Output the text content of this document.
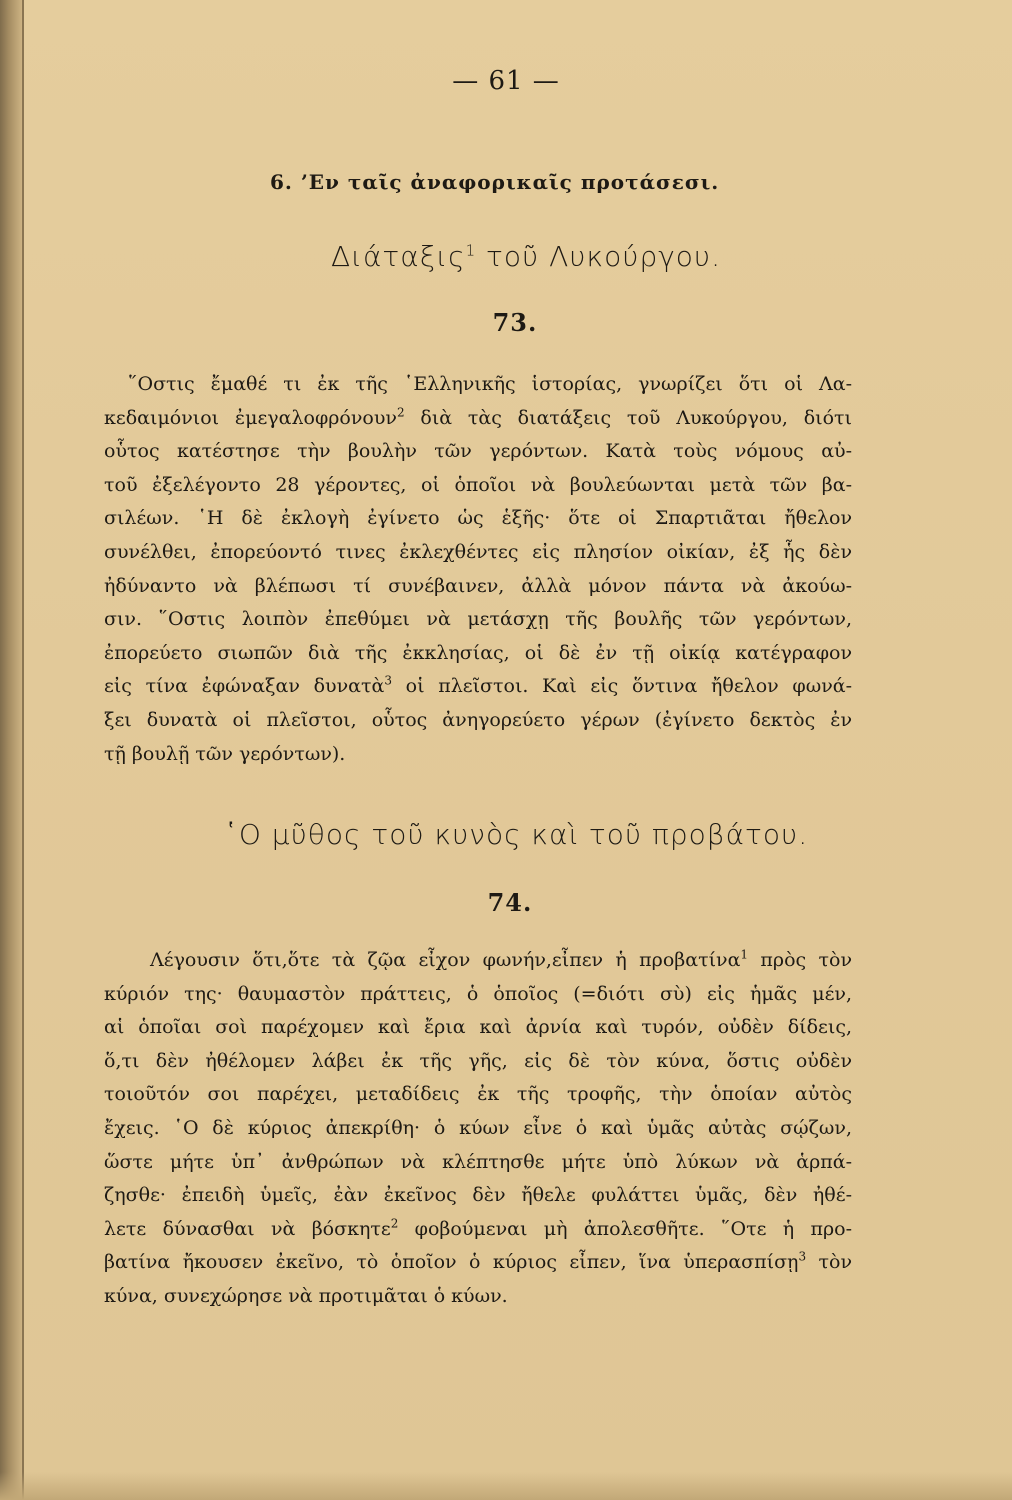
— 61 —
6. ’Εν ταῖς ἀναφορικαῖς προτάσεσι.
Διάταξις$^1$ τοῦ Λυκούργου.
73.
῞Οστις ἔμαθέ τι ἐκ τῆς ῾Ελληνικῆς ἱστορίας, γνωρίζει ὅτι οἱ Λα-
κεδαιμόνιοι ἐμεγαλοφρόνουν$^2$ διὰ τὰς διατάξεις τοῦ Λυκούργου, διότι
οὗτος κατέστησε τὴν βουλὴν τῶν γερόντων. Κατὰ τοὺς νόμους αὐ-
τοῦ ἐξελέγοντο 28 γέροντες, οἱ ὁποῖοι νὰ βουλεύωνται μετὰ τῶν βα-
σιλέων. ῾Η δὲ ἐκλογὴ ἐγίνετο ὡς ἑξῆς· ὅτε οἱ Σπαρτιᾶται ἤθελον
συνέλθει, ἐπορεύοντό τινες ἐκλεχθέντες εἰς πλησίον οἰκίαν, ἐξ ἧς δὲν
ἠδύναντο νὰ βλέπωσι τί συνέβαινεν, ἀλλὰ μόνον πάντα νὰ ἀκούω-
σιν. ῞Οστις λοιπὸν ἐπεθύμει νὰ μετάσχῃ τῆς βουλῆς τῶν γερόντων,
ἐπορεύετο σιωπῶν διὰ τῆς ἐκκλησίας, οἱ δὲ ἐν τῇ οἰκίᾳ κατέγραφον
εἰς τίνα ἐφώναξαν δυνατὰ$^3$ οἱ πλεῖστοι. Καὶ εἰς ὅντινα ἤθελον φωνά-
ξει δυνατὰ οἱ πλεῖστοι, οὗτος ἀνηγορεύετο γέρων (ἐγίνετο δεκτὸς ἐν
τῇ βουλῇ τῶν γερόντων).
῾Ο μῦθος τοῦ κυνὸς καὶ τοῦ προβάτου.
74.
Λέγουσιν ὅτι,ὅτε τὰ ζῷα εἶχον φωνήν,εἶπεν ἡ προβατίνα$^1$ πρὸς τὸν
κύριόν της· θαυμαστὸν πράττεις, ὁ ὁποῖος (=διότι σὺ) εἰς ἡμᾶς μέν,
αἱ ὁποῖαι σοὶ παρέχομεν καὶ ἔρια καὶ ἀρνία καὶ τυρόν, οὐδὲν δίδεις,
ὅ,τι δὲν ἠθέλομεν λάβει ἐκ τῆς γῆς, εἰς δὲ τὸν κύνα, ὅστις οὐδὲν
τοιοῦτόν σοι παρέχει, μεταδίδεις ἐκ τῆς τροφῆς, τὴν ὁποίαν αὐτὸς
ἔχεις. ῾Ο δὲ κύριος ἀπεκρίθη· ὁ κύων εἶνε ὁ καὶ ὑμᾶς αὐτὰς σῴζων,
ὥστε μήτε ὑπ᾽ ἀνθρώπων νὰ κλέπτησθε μήτε ὑπὸ λύκων νὰ ἁρπά-
ζησθε· ἐπειδὴ ὑμεῖς, ἐὰν ἐκεῖνος δὲν ἤθελε φυλάττει ὑμᾶς, δὲν ἠθέ-
λετε δύνασθαι νὰ βόσκητε$^2$ φοβούμεναι μὴ ἀπολεσθῆτε. ῞Οτε ἡ προ-
βατίνα ἤκουσεν ἐκεῖνο, τὸ ὁποῖον ὁ κύριος εἶπεν, ἵνα ὑπερασπίσῃ$^3$ τὸν
κύνα, συνεχώρησε νὰ προτιμᾶται ὁ κύων.
